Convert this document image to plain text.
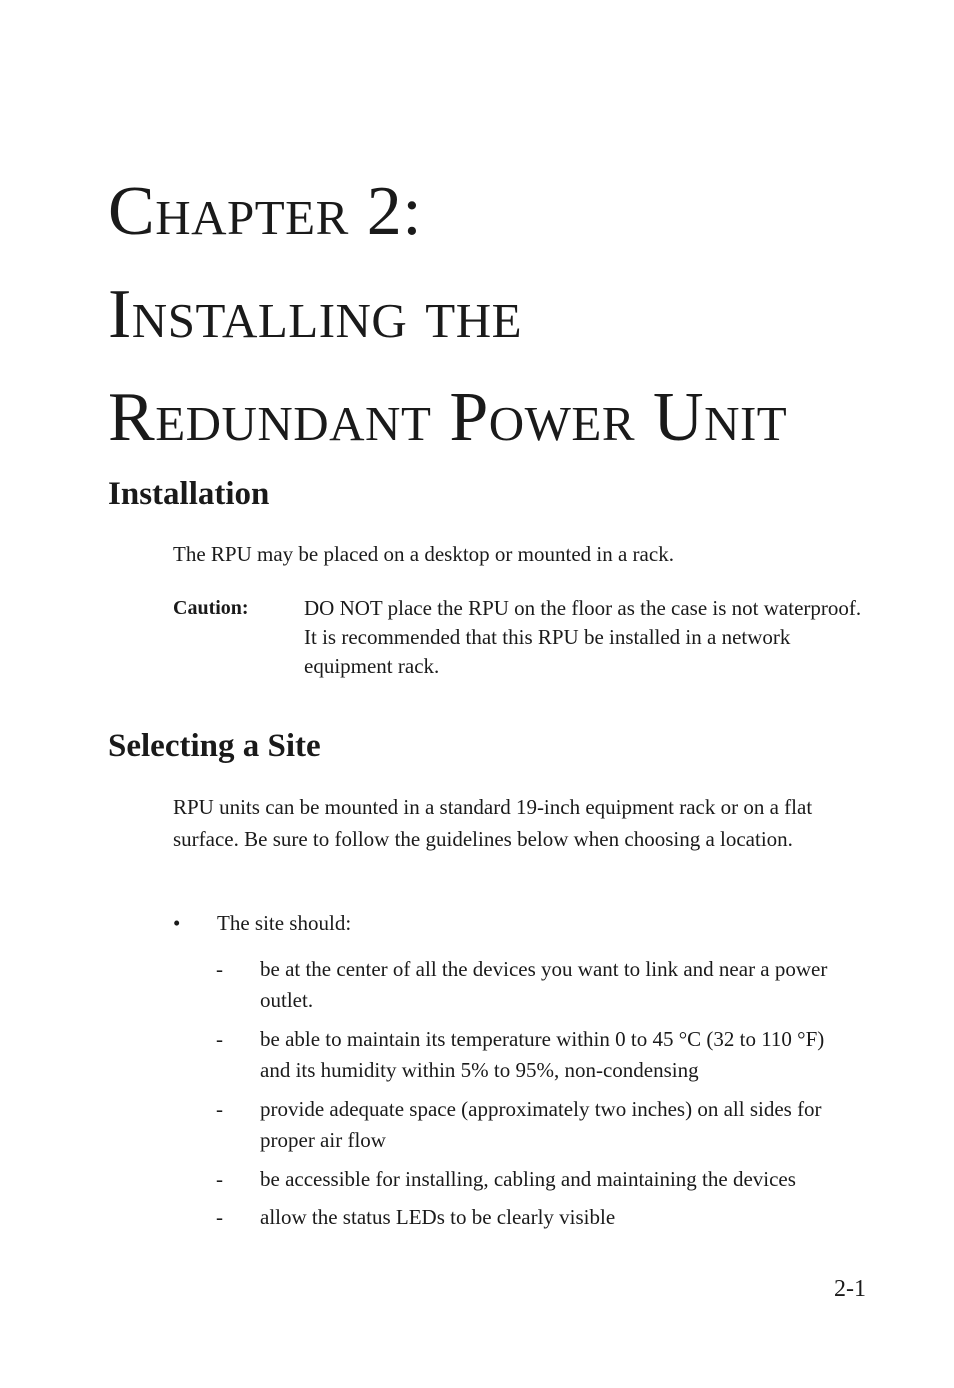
Chapter 2:
Installing the
Redundant Power Unit
Installation

The RPU may be placed on a desktop or mounted in a rack.

Caution:	DO NOT place the RPU on the floor as the case is not waterproof. It is recommended that this RPU be installed in a network equipment rack.

Selecting a Site

RPU units can be mounted in a standard 19-inch equipment rack or on a flat surface. Be sure to follow the guidelines below when choosing a location.

• The site should:
- be at the center of all the devices you want to link and near a power outlet.

- be able to maintain its temperature within 0 to 45 °C (32 to 110 °F) and its humidity within 5% to 95%, non-condensing

- provide adequate space (approximately two inches) on all sides for proper air flow

- be accessible for installing, cabling and maintaining the devices

- allow the status LEDs to be clearly visible

2-1
